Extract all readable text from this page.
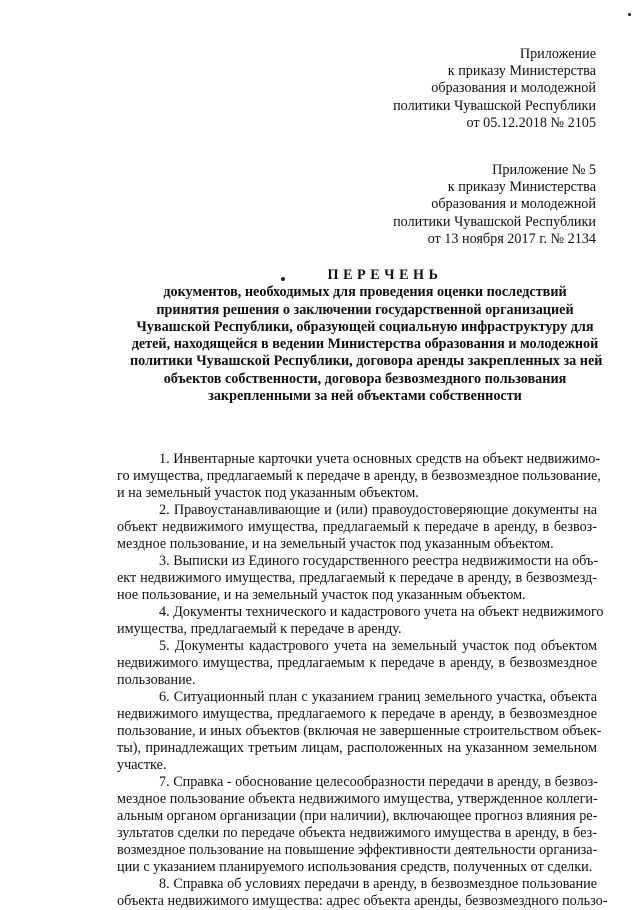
Приложение
к приказу Министерства
образования и молодежной
политики Чувашской Республики
от 05.12.2018 № 2105
Приложение № 5
к приказу Министерства
образования и молодежной
политики Чувашской Республики
от 13 ноября 2017 г. № 2134
ПЕРЕЧЕНЬ
документов, необходимых для проведения оценки последствий
принятия решения о заключении государственной организацией
Чувашской Республики, образующей социальную инфраструктуру для
детей, находящейся в ведении Министерства образования и молодежной
политики Чувашской Республики, договора аренды закрепленных за ней
объектов собственности, договора безвозмездного пользования
закрепленными за ней объектами собственности
1. Инвентарные карточки учета основных средств на объект недвижимо-
го имущества, предлагаемый к передаче в аренду, в безвозмездное пользование,
и на земельный участок под указанным объектом.
2. Правоустанавливающие и (или) правоудостоверяющие документы на
объект недвижимого имущества, предлагаемый к передаче в аренду, в безвоз-
мездное пользование, и на земельный участок под указанным объектом.
3. Выписки из Единого государственного реестра недвижимости на объ-
ект недвижимого имущества, предлагаемый к передаче в аренду, в безвозмезд-
ное пользование, и на земельный участок под указанным объектом.
4. Документы технического и кадастрового учета на объект недвижимого
имущества, предлагаемый к передаче в аренду.
5. Документы кадастрового учета на земельный участок под объектом
недвижимого имущества, предлагаемым к передаче в аренду, в безвозмездное
пользование.
6. Ситуационный план с указанием границ земельного участка, объекта
недвижимого имущества, предлагаемого к передаче в аренду, в безвозмездное
пользование, и иных объектов (включая не завершенные строительством объек-
ты), принадлежащих третьим лицам, расположенных на указанном земельном
участке.
7. Справка - обоснование целесообразности передачи в аренду, в безвоз-
мездное пользование объекта недвижимого имущества, утвержденное коллеги-
альным органом организации (при наличии), включающее прогноз влияния ре-
зультатов сделки по передаче объекта недвижимого имущества в аренду, в без-
возмездное пользование на повышение эффективности деятельности организа-
ции с указанием планируемого использования средств, полученных от сделки.
8. Справка об условиях передачи в аренду, в безвозмездное пользование
объекта недвижимого имущества: адрес объекта аренды, безвозмездного пользо-
